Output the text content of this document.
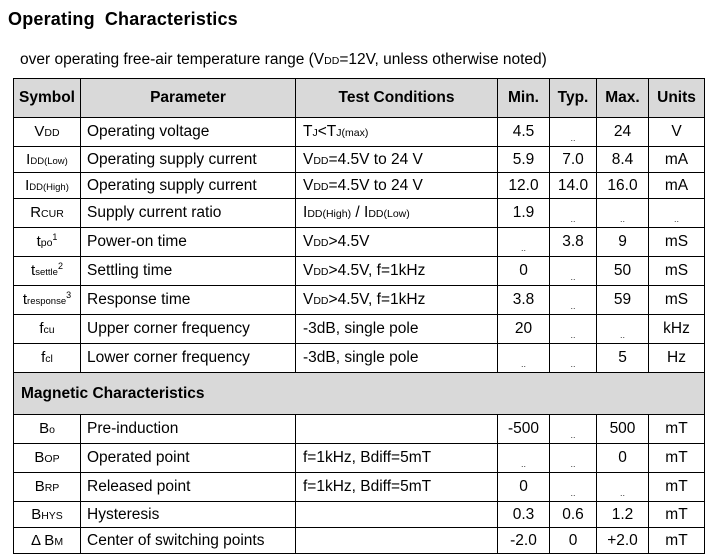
Operating Characteristics
over operating free-air temperature range (VDD=12V, unless otherwise noted)
Symbol	Parameter	Test Conditions	Min.	Typ.	Max.	Units
VDD	Operating voltage	TJ<TJ(max)	4.5	..	24	V
IDD(Low)	Operating supply current	VDD=4.5V to 24 V	5.9	7.0	8.4	mA
IDD(High)	Operating supply current	VDD=4.5V to 24 V	12.0	14.0	16.0	mA
RCUR	Supply current ratio	IDD(High) / IDD(Low)	1.9	..	..	..
tpo$^1$	Power-on time	VDD>4.5V	..	3.8	9	mS
tsettle$^2$	Settling time	VDD>4.5V, f=1kHz	0	..	50	mS
tresponse$^3$	Response time	VDD>4.5V, f=1kHz	3.8	..	59	mS
fcu	Upper corner frequency	-3dB, single pole	20	..	..	kHz
fcl	Lower corner frequency	-3dB, single pole	..	..	5	Hz
Magnetic Characteristics						
Bo	Pre-induction		-500	..	500	mT
BOP	Operated point	f=1kHz, Bdiff=5mT	..	..	0	mT
BRP	Released point	f=1kHz, Bdiff=5mT	0	..	..	mT
BHYS	Hysteresis		0.3	0.6	1.2	mT
Δ BM	Center of switching points		-2.0	0	+2.0	mT
